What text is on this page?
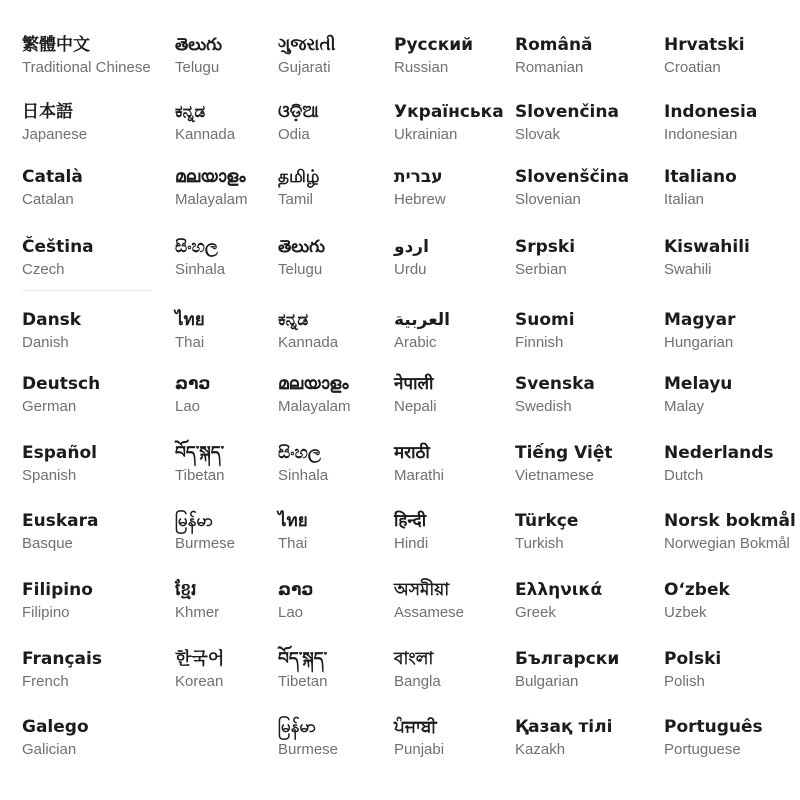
繁體中文
Traditional Chinese
日本語
Japanese
Català
Catalan
Čeština
Czech
Dansk
Danish
Deutsch
German
Español
Spanish
Euskara
Basque
Filipino
Filipino
Français
French
Galego
Galician
తెలుగు
Telugu
ಕನ್ನಡ
Kannada
മലയാളം
Malayalam
සිංහල
Sinhala
ไทย
Thai
ລາວ
Lao
བོད་སྐད་
Tibetan
မြန်မာ
Burmese
ខ្មែរ
Khmer
한국어
Korean
ગુજરાતી
Gujarati
ଓଡ଼ିଆ
Odia
தமிழ்
Tamil
తెలుగు
Telugu
ಕನ್ನಡ
Kannada
മലയാളം
Malayalam
සිංහල
Sinhala
ไทย
Thai
ລາວ
Lao
བོད་སྐད་
Tibetan
မြန်မာ
Burmese
Русский
Russian
Українська
Ukrainian
עברית
Hebrew
اردو
Urdu
العربية
Arabic
नेपाली
Nepali
मराठी
Marathi
हिन्दी
Hindi
অসমীয়া
Assamese
বাংলা
Bangla
ਪੰਜਾਬੀ
Punjabi
Română
Romanian
Slovenčina
Slovak
Slovenščina
Slovenian
Srpski
Serbian
Suomi
Finnish
Svenska
Swedish
Tiếng Việt
Vietnamese
Türkçe
Turkish
Ελληνικά
Greek
Български
Bulgarian
Қазақ тілі
Kazakh
Hrvatski
Croatian
Indonesia
Indonesian
Italiano
Italian
Kiswahili
Swahili
Magyar
Hungarian
Melayu
Malay
Nederlands
Dutch
Norsk bokmål
Norwegian Bokmål
O‘zbek
Uzbek
Polski
Polish
Português
Portuguese
